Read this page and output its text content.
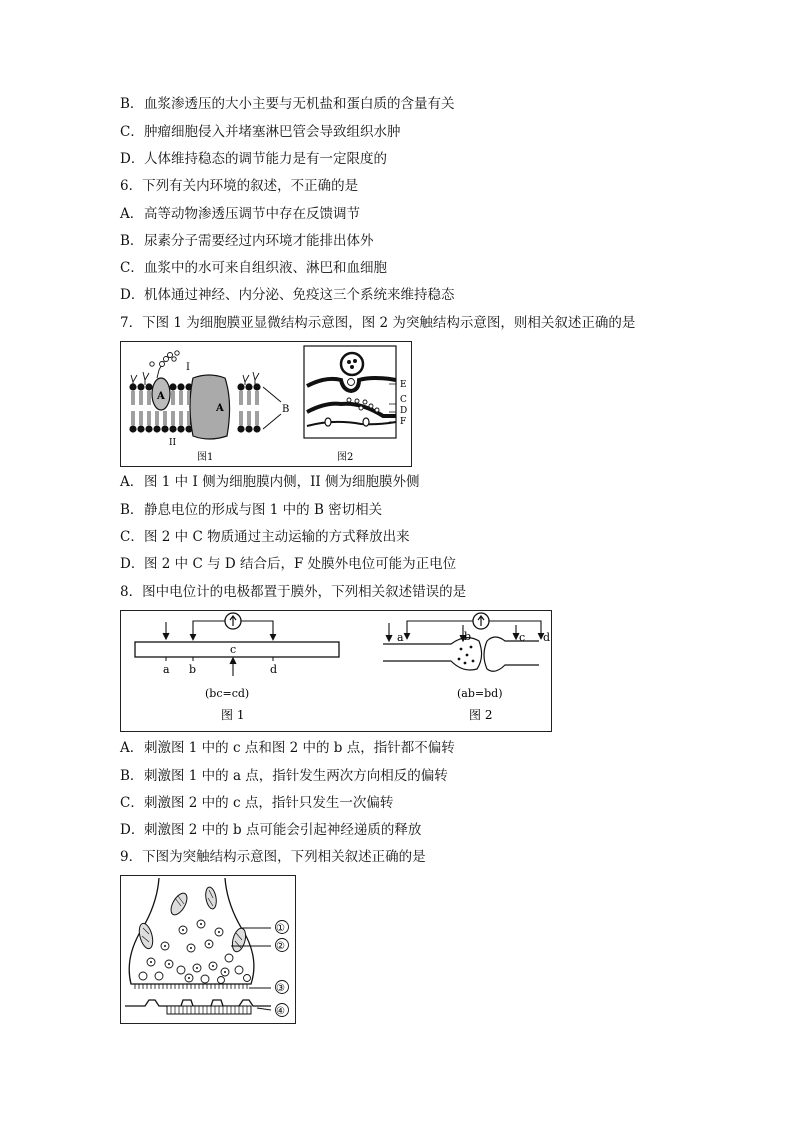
B．血浆渗透压的大小主要与无机盐和蛋白质的含量有关
C．肿瘤细胞侵入并堵塞淋巴管会导致组织水肿
D．人体维持稳态的调节能力是有一定限度的
6．下列有关内环境的叙述，不正确的是
A．高等动物渗透压调节中存在反馈调节
B．尿素分子需要经过内环境才能排出体外
C．血浆中的水可来自组织液、淋巴和血细胞
D．机体通过神经、内分泌、免疫这三个系统来维持稳态
7．下图 1 为细胞膜亚显微结构示意图，图 2 为突触结构示意图，则相关叙述正确的是
A
A
I
II
B
图1
E
C
D
F
图2
A．图 1 中 I 侧为细胞膜内侧，II 侧为细胞膜外侧
B．静息电位的形成与图 1 中的 B 密切相关
C．图 2 中 C 物质通过主动运输的方式释放出来
D．图 2 中 C 与 D 结合后，F 处膜外电位可能为正电位
8．图中电位计的电极都置于膜外，下列相关叙述错误的是
a b
c
d
(bc=cd)
图 1
a	b	c d
(ab=bd)
图 2
A．刺激图 1 中的 c 点和图 2 中的 b 点，指针都不偏转
B．刺激图 1 中的 a 点，指针发生两次方向相反的偏转
C．刺激图 2 中的 c 点，指针只发生一次偏转
D．刺激图 2 中的 b 点可能会引起神经递质的释放
9．下图为突触结构示意图，下列相关叙述正确的是
①
②
③
④
